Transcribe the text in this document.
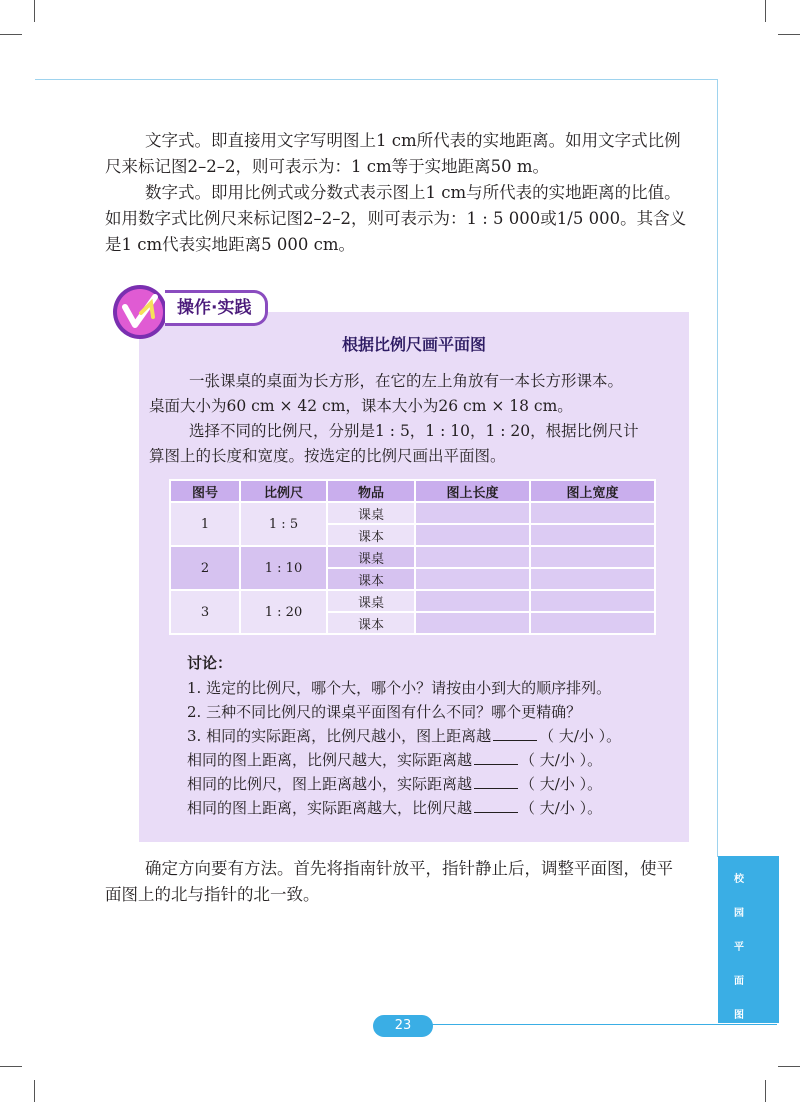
文字式。即直接用文字写明图上1 cm所代表的实地距离。如用文字式比例
尺来标记图2–2–2，则可表示为：1 cm等于实地距离50 m。
数字式。即用比例式或分数式表示图上1 cm与所代表的实地距离的比值。
如用数字式比例尺来标记图2–2–2，则可表示为：1 : 5 000或1/5 000。其含义
是1 cm代表实地距离5 000 cm。
根据比例尺画平面图
一张课桌的桌面为长方形，在它的左上角放有一本长方形课本。
桌面大小为60 cm × 42 cm，课本大小为26 cm × 18 cm。
选择不同的比例尺，分别是1 : 5，1 : 10，1 : 20，根据比例尺计
算图上的长度和宽度。按选定的比例尺画出平面图。
图号	比例尺	物品	图上长度	图上宽度
1	1 : 5	课桌		
		课本		
2	1 : 10	课桌		
		课本		
3	1 : 20	课桌		
		课本		
讨论：
1. 选定的比例尺，哪个大，哪个小？请按由小到大的顺序排列。
2. 三种不同比例尺的课桌平面图有什么不同？哪个更精确？
3. 相同的实际距离，比例尺越小，图上距离越	（ 大/小 ）。
相同的图上距离，比例尺越大，实际距离越	（ 大/小 ）。
相同的比例尺，图上距离越小，实际距离越	（ 大/小 ）。
相同的图上距离，实际距离越大，比例尺越	（ 大/小 ）。
操作·实践
确定方向要有方法。首先将指南针放平，指针静止后，调整平面图，使平
面图上的北与指针的北一致。
校
园
平
面
图
23
